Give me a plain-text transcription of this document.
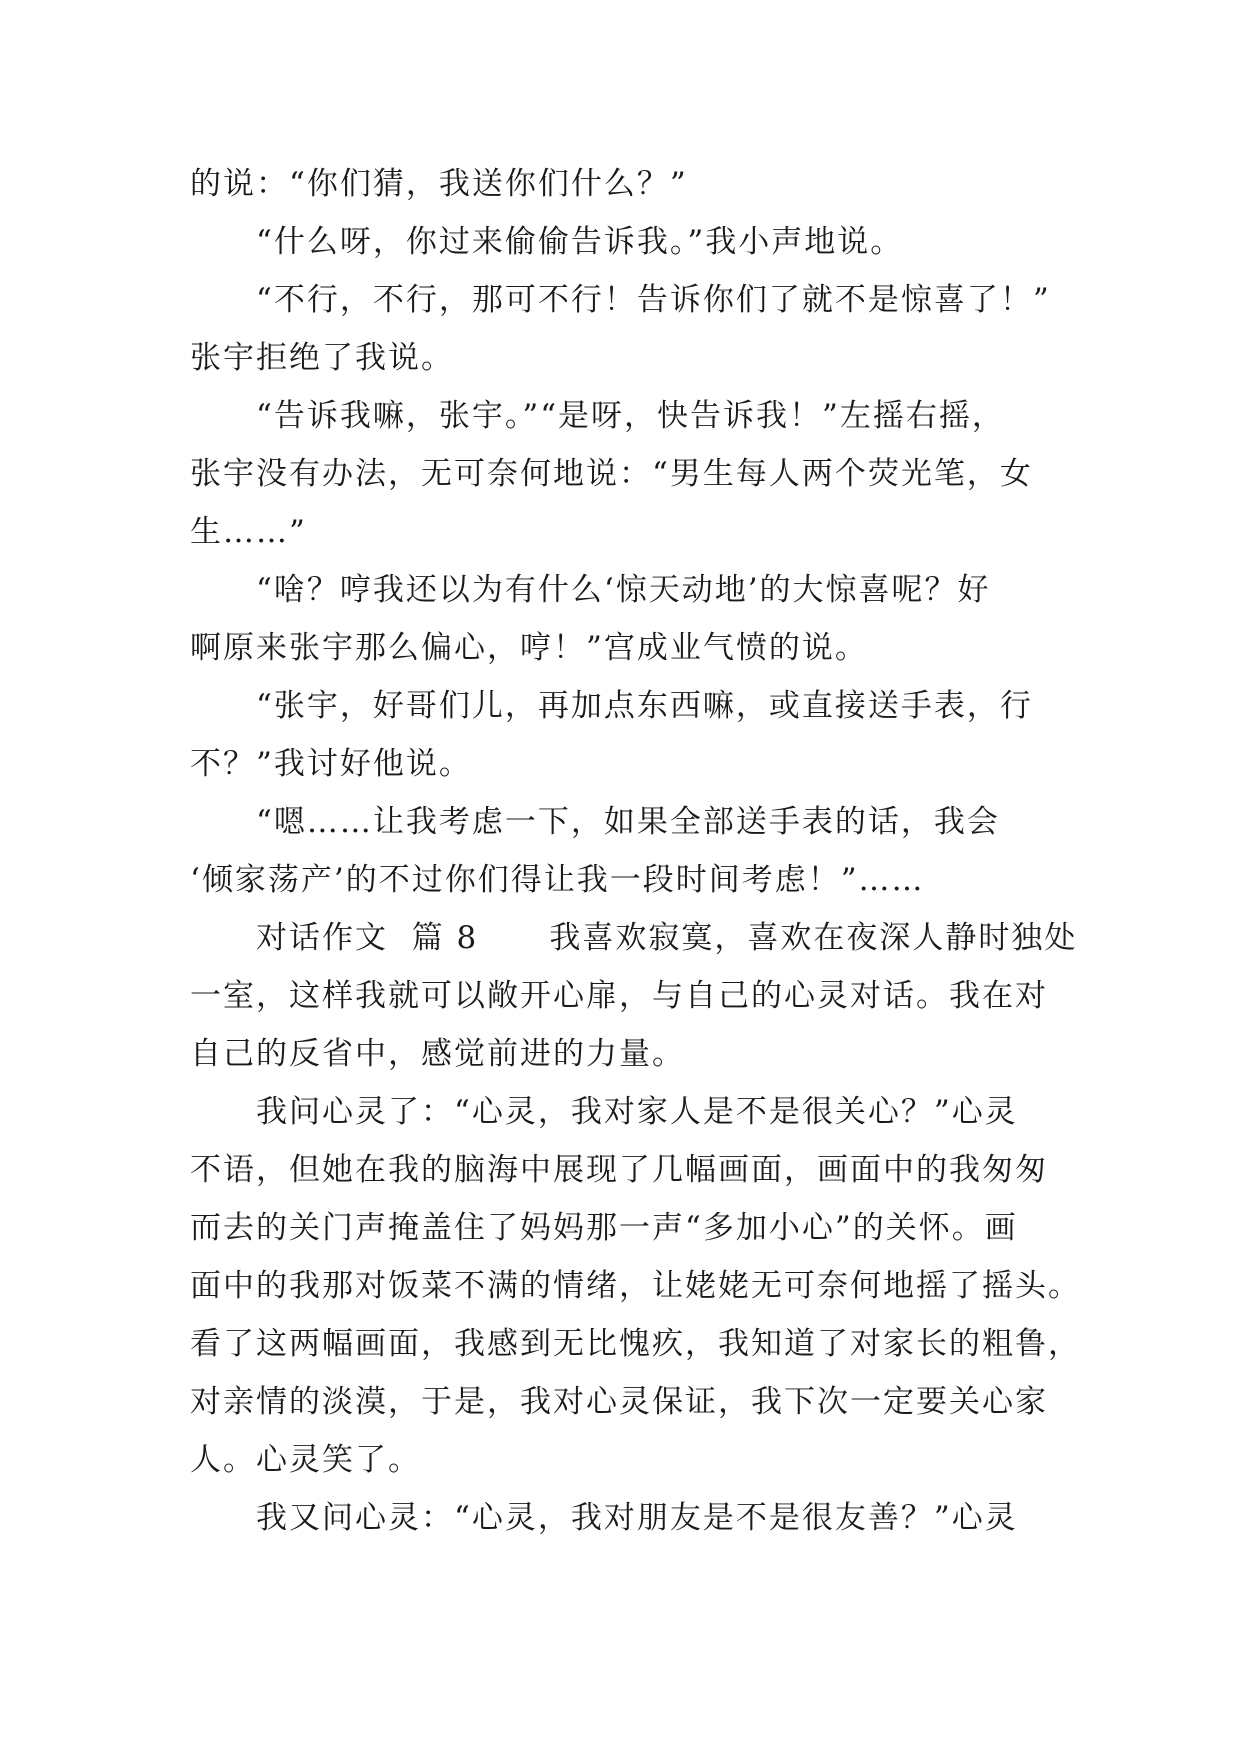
的说：“你们猜，我送你们什么？”
“什么呀，你过来偷偷告诉我。”我小声地说。
“不行，不行，那可不行！告诉你们了就不是惊喜了！”
张宇拒绝了我说。
“告诉我嘛，张宇。”“是呀，快告诉我！”左摇右摇，
张宇没有办法，无可奈何地说：“男生每人两个荧光笔，女
生……”
“啥？哼我还以为有什么‘惊天动地’的大惊喜呢？好
啊原来张宇那么偏心，哼！”宫成业气愤的说。
“张宇，好哥们儿，再加点东西嘛，或直接送手表，行
不？”我讨好他说。
“嗯……让我考虑一下，如果全部送手表的话，我会
‘倾家荡产’的不过你们得让我一段时间考虑！”……
对话作文  篇 8      我喜欢寂寞，喜欢在夜深人静时独处
一室，这样我就可以敞开心扉，与自己的心灵对话。我在对
自己的反省中，感觉前进的力量。
我问心灵了：“心灵，我对家人是不是很关心？”心灵
不语，但她在我的脑海中展现了几幅画面，画面中的我匆匆
而去的关门声掩盖住了妈妈那一声“多加小心”的关怀。画
面中的我那对饭菜不满的情绪，让姥姥无可奈何地摇了摇头。
看了这两幅画面，我感到无比愧疚，我知道了对家长的粗鲁，
对亲情的淡漠，于是，我对心灵保证，我下次一定要关心家
人。心灵笑了。
我又问心灵：“心灵，我对朋友是不是很友善？”心灵
